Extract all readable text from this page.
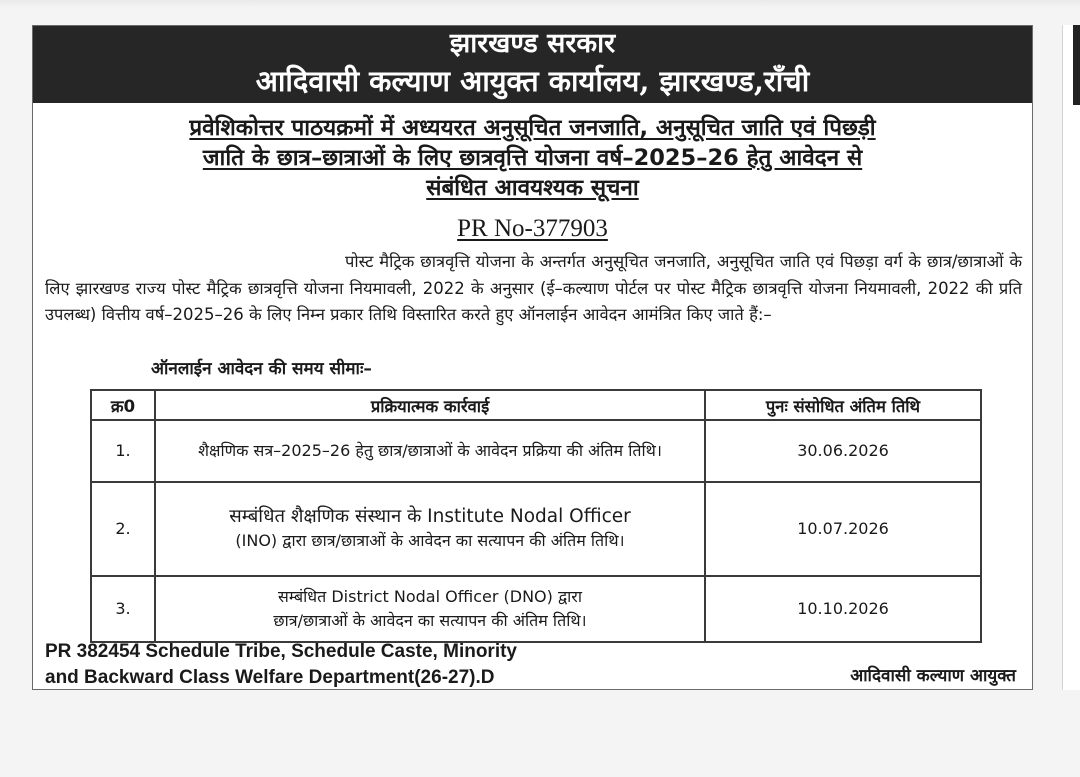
झारखण्ड सरकार
आदिवासी कल्याण आयुक्त कार्यालय, झारखण्ड,राँची
प्रवेशिकोत्तर पाठयक्रमों में अध्ययरत अनुसूचित जनजाति, अनुसूचित जाति एवं पिछड़ी
जाति के छात्र–छात्राओं के लिए छात्रवृत्ति योजना वर्ष–2025–26 हेतु आवेदन से
संबंधित आवयश्यक सूचना
PR No-377903
पोस्ट मैट्रिक छात्रवृत्ति योजना के अन्तर्गत अनुसूचित जनजाति, अनुसूचित जाति एवं पिछड़ा वर्ग के छात्र/छात्राओं के लिए झारखण्ड राज्य पोस्ट मैट्रिक छात्रवृत्ति योजना नियमावली, 2022 के अनुसार (ई–कल्याण पोर्टल पर पोस्ट मैट्रिक छात्रवृत्ति योजना नियमावली, 2022 की प्रति उपलब्ध) वित्तीय वर्ष–2025–26 के लिए निम्न प्रकार तिथि विस्तारित करते हुए ऑनलाईन आवेदन आमंत्रित किए जाते हैं:–
ऑनलाईन आवेदन की समय सीमाः–
क्र0	प्रक्रियात्मक कार्रवाई	पुनः संसोधित अंतिम तिथि
1.	शैक्षणिक सत्र–2025–26 हेतु छात्र/छात्राओं के आवेदन प्रक्रिया की अंतिम तिथि।	30.06.2026
2.	सम्बंधित शैक्षणिक संस्थान के Institute Nodal Officer
(INO) द्वारा छात्र/छात्राओं के आवेदन का सत्यापन की अंतिम तिथि।	10.07.2026
3.	सम्बंधित District Nodal Officer (DNO) द्वारा
छात्र/छात्राओं के आवेदन का सत्यापन की अंतिम तिथि।	10.10.2026
PR 382454 Schedule Tribe, Schedule Caste, Minority
and Backward Class Welfare Department(26-27).D	आदिवासी कल्याण आयुक्त
